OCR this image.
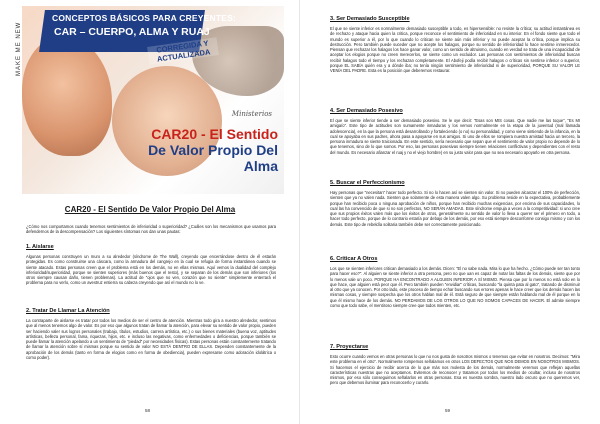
CONCEPTOS BÁSICOS PARA CREYENTES:
CAR – CUERPO, ALMA Y RUAJ
CORREGIDA Y ACTUALIZADA
MAKE ME NEW
Ministerios
CAR20 - El Sentido
De Valor Propio Del Alma
CAR20 - El Sentido De Valor Propio Del Alma
¿Cómo nos comportamos cuando tenemos sentimientos de inferioridad o superioridad? ¿Cuáles son los mecanismos que usamos para defendernos de la descompensación? Los siguientes síntomas nos dan unas pautas:
1. Aislarse
Algunas personas construyen un muro a su alrededor (síndrome de The Wall), creyendo que encerrándose dentro de él estarán protegidas. Es como construirse una cáscara, como la armadura del cangrejo en la cual se refugia de forma instantánea cuando se siente atacado. Estas personas creen que el problema está en los demás, no en ellas mismas. Aquí vemos la dualidad del complejo inferioridad/superioridad, porque se sienten superiores (más buenos que el resto), y se separan de los demás que son inferiores (los otros siempre causan daño, tienen problemas). La actitud de "ojos que no ven, corazón que no siente" simplemente enterrará el problema para no verlo, como un avestruz entierra su cabeza creyendo que así el mundo no lo ve.
2. Tratar De Llamar La Atención
La contraparte de aislarse es tratar por todos los medios de ser el centro de atención. Mientras todo gira a nuestro alrededor, sentimos que al menos tenemos algo de valor. Es por eso que algunos tratan de llamar la atención, para elevar su sentido de valor propio, pueden ser haciendo valer sus logros personales (trabajo, títulos, estudios, carrera artística, etc.) o sus bienes materiales (buena voz, aptitudes artísticas, belleza personal, fama, riquezas, hijos, etc. e incluso las negativas, como enfermedades o deficiencias, porque también se puede llamar la atención apelando a un sentimiento de "piedad" por necesidades físicas). Estas personas están constantemente tratando de llamar la atención sobre sí mismas porque su sentido de valor NO ESTÁ DENTRO DE ELLAS. Dependen constantemente de la aprobación de los demás (tanto en forma de elogios como en forma de obediencia), pueden expresarse como adoración idolátrica o como poder).
58
3. Ser Demasiado Susceptible
El que se siente inferior es normalmente demasiado susceptible a todo, es hipersensible: no resiste la crítica; su actitud instantánea es de rechazo y ataque hacia quien la critica, porque reconoce el sentimiento de inferioridad en su interior. En el fondo siente que todo el mundo es superior a él, por lo que cuando lo critican se siente aún más inferior y no puede aceptar la crítica, porque implica su destrucción. Pero también puede suceder que no acepte los halagos, porque su sentido de inferioridad lo hace sentirse inmerecedor. Piensan que rechazar los halagos los hace ganar valor, como un sentido de altruismo, cuando en verdad se trata de una incapacidad de aceptar los elogios porque no creen merecerlos, se siente como un excluidor. Las personas con sentimientos de inferioridad buscan recibir halagos todo el tiempo y los rechazan completamente. El Abofeji podía recibir halagos o críticas sin sentirse inferior o superior, porque EL SABÍA quién era y a dónde iba; no tenía ningún sentimiento de inferioridad ni de superioridad, PORQUE SU VALOR LE VENÍA DEL PADRE. Esta es la posición que deberemos restaurar.
4. Ser Demasiado Posesivo
El que se siente inferior tiende a ser demasiado posesivo. Se le oye decir: "Esas son MIS cosas. Que nadie me las toque", "Es MI amiga/o". Este tipo de actitudes son sumamente inmaduras y los vemos normalmente en la etapa de la juventud (mal llamada adolescencia), en la que la persona está desarrollando y fortaleciendo (o no) su personalidad, y como viene sintiendo de la infancia, en la cual se apoyaba en sus padres, ahora pasa a apoyarse en sus amigos. Si uno de ellos se rompiera nuestra amistad hacia un tercero, la persona inmadura se siente traicionada. En este sentido, sería necesario que sepan que el sentimiento de valor propio no depende de lo que tenemos, sino de lo que somos. Por eso, las personas posesivas siempre tienen relaciones conflictivas y dependientes con el resto del mundo. Es necesario afianzar el ruaj y no el viejo hombre) en su justo valor para que no sea necesario apoyarlo en otra persona.
5. Buscar el Perfeccionismo
Hay personas que "necesitan" hacer todo perfecto. Si no lo hacen así se sienten sin valor. Si no pueden alcanzar el 100% de perfección, sienten que ya no valen nada. Sienten que solamente de esta manera valen algo. Su problema reside en la expectativa, probablemente porque han recibido poca o ninguna aprobación de niños, porque han recibido muchas exigencias, por encima de sus capacidades, lo cual las ha convencido de que si no son perfectos, NO SERÁN AMADAS. Este síndrome empuja a veces a la competitividad: si uno cree que sus propios éxitos valen más que los éxitos de otros, generalmente su sentido de valor lo lleva a querer ser el primero en todo, a hacer todo perfecto, porque de lo contrario estaría por debajo de los demás, por eso está siempre desconforme consigo mismo y con los demás. Este tipo de rebeldía solitaria también debe ser correctamente posicionado.
6. Criticar A Otros
Los que se sienten inferiores critican demasiado a los demás. Dicen: "El no sabe nada. Mira lo que ha hecho. ¿Cómo puede ser tan tonto para hacer eso?". Al alguien se siente inferior a otra persona, pero no que uan es capaz de notar las faltas de los demás, siente que por lo menos vale un poco. PORQUE HA ENCONTRADO A ALGUIEN INFERIOR A SÍ MISMO. Piensa que por lo menos no está solo en lo que hace, que alguien está peor que él. Pero también pueden "envidiar" críticas, buscando "la quinta pata al gato", tratando de disminuir al otro que ya conocen. Por otro lado, este proceso de tiempo echar buscando sus errores apenas le hace creer que los demás hacen las mismas cosas, y siempre sospecha que los otros hablan mal de él. Está seguro de que siempre están hablando mal de él porque en lo que él mismo hace de los demás. NO PERDAMOS DE LOS OTROS LO QUE NO SOMOS CAPACES DE HACER. El admite siempre como que todo sabe, el mentiroso siempre cree que todos mienten, etc.
7. Proyectarse
Esto ocurre cuando vemos en otras personas lo que no nos gusta de nosotros mismos o tenemos que evitar en nosotros. Decimos: "Mira este problema en el otro". Normalmente rompemos señalamos en otros LOS DEFECTOS QUE NOS DEMOS EN NOSOTROS MISMOS. Si hacemos el ejercicio de recibir acerca de lo que más nos molesta de los demás, normalmente veremos que reflejan aquellas características nuestras que no aceptamos. Evitemos de reconocer y tratamos por todos los medios de ocultar, incluso de nosotros mismos, por eso sólo conseguimos señalarlos en otras personas. Esa es nuestra sombra, nuestro lado oscuro que no queremos ver, pero que debemos iluminar para reconocerlo y curarlo.
59
